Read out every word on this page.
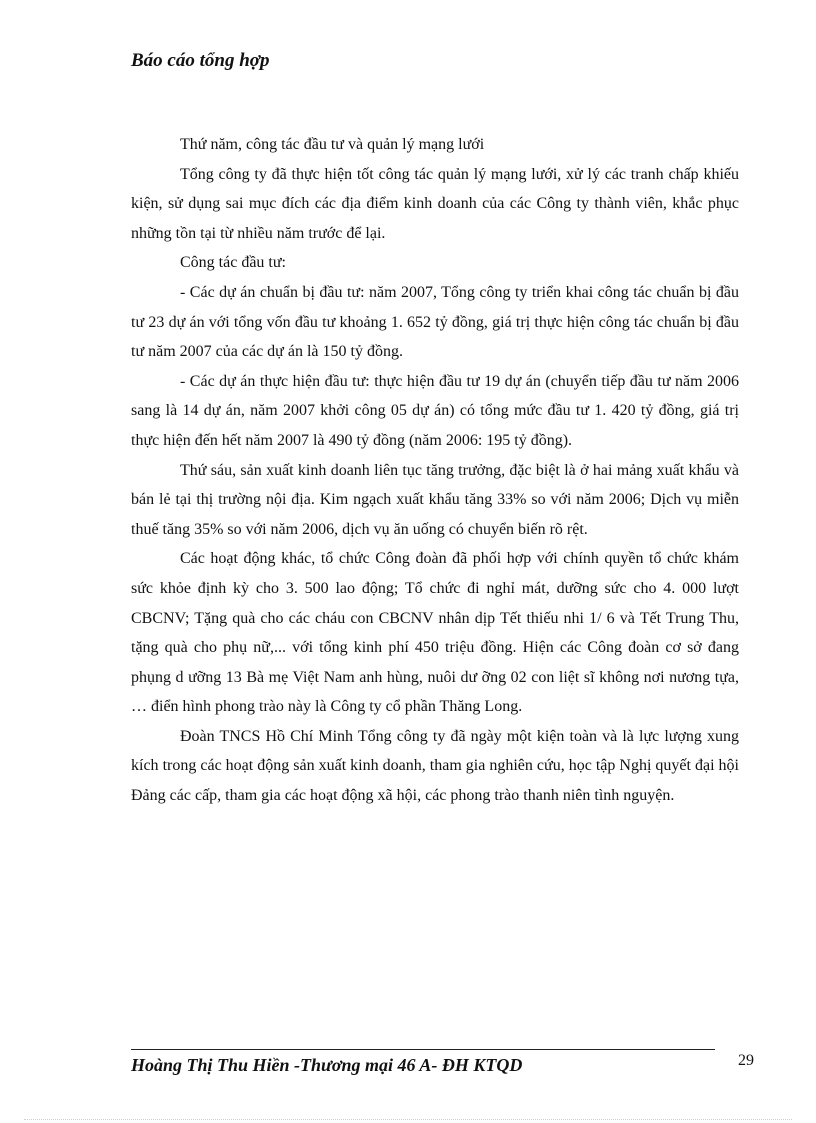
Báo cáo tổng hợp

Thứ năm, công tác đầu tư và quản lý mạng lưới

Tổng công ty đã thực hiện tốt công tác quản lý mạng lưới, xử lý các tranh chấp khiếu kiện, sử dụng sai mục đích các địa điểm kinh doanh của các Công ty thành viên, khắc phục những tồn tại từ nhiều năm trước để lại.

Công tác đầu tư:

- Các dự án chuẩn bị đầu tư: năm 2007, Tổng công ty triển khai công tác chuẩn bị đầu tư 23 dự án với tổng vốn đầu tư khoảng 1. 652 tỷ đồng, giá trị thực hiện công tác chuẩn bị đầu tư năm 2007 của các dự án là 150 tỷ đồng.

- Các dự án thực hiện đầu tư: thực hiện đầu tư 19 dự án (chuyển tiếp đầu tư năm 2006 sang là 14 dự án, năm 2007 khởi công 05 dự án) có tổng mức đầu tư 1. 420 tỷ đồng, giá trị thực hiện đến hết năm 2007 là 490 tỷ đồng (năm 2006: 195 tỷ đồng).

Thứ sáu, sản xuất kinh doanh liên tục tăng trưởng, đặc biệt là ở hai mảng xuất khẩu và bán lẻ tại thị trường nội địa. Kim ngạch xuất khẩu tăng 33% so với năm 2006; Dịch vụ miễn thuế tăng 35% so với năm 2006, dịch vụ ăn uống có chuyển biến rõ rệt.

Các hoạt động khác, tổ chức Công đoàn đã phối hợp với chính quyền tổ chức khám sức khỏe định kỳ cho 3. 500 lao động; Tổ chức đi nghỉ mát, dưỡng sức cho 4. 000 lượt CBCNV; Tặng quà cho các cháu con CBCNV nhân dịp Tết thiếu nhi 1/ 6 và Tết Trung Thu, tặng quà cho phụ nữ,... với tổng kinh phí 450 triệu đồng. Hiện các Công đoàn cơ sở đang phụng d ưỡng 13 Bà mẹ Việt Nam anh hùng, nuôi dư ỡng 02 con liệt sĩ không nơi nương tựa, … điển hình phong trào này là Công ty cổ phần Thăng Long.

Đoàn TNCS Hồ Chí Minh Tổng công ty đã ngày một kiện toàn và là lực lượng xung kích trong các hoạt động sản xuất kinh doanh, tham gia nghiên cứu, học tập Nghị quyết đại hội Đảng các cấp, tham gia các hoạt động xã hội, các phong trào thanh niên tình nguyện.

Hoàng Thị Thu Hiền -Thương mại 46 A- ĐH KTQD	29
